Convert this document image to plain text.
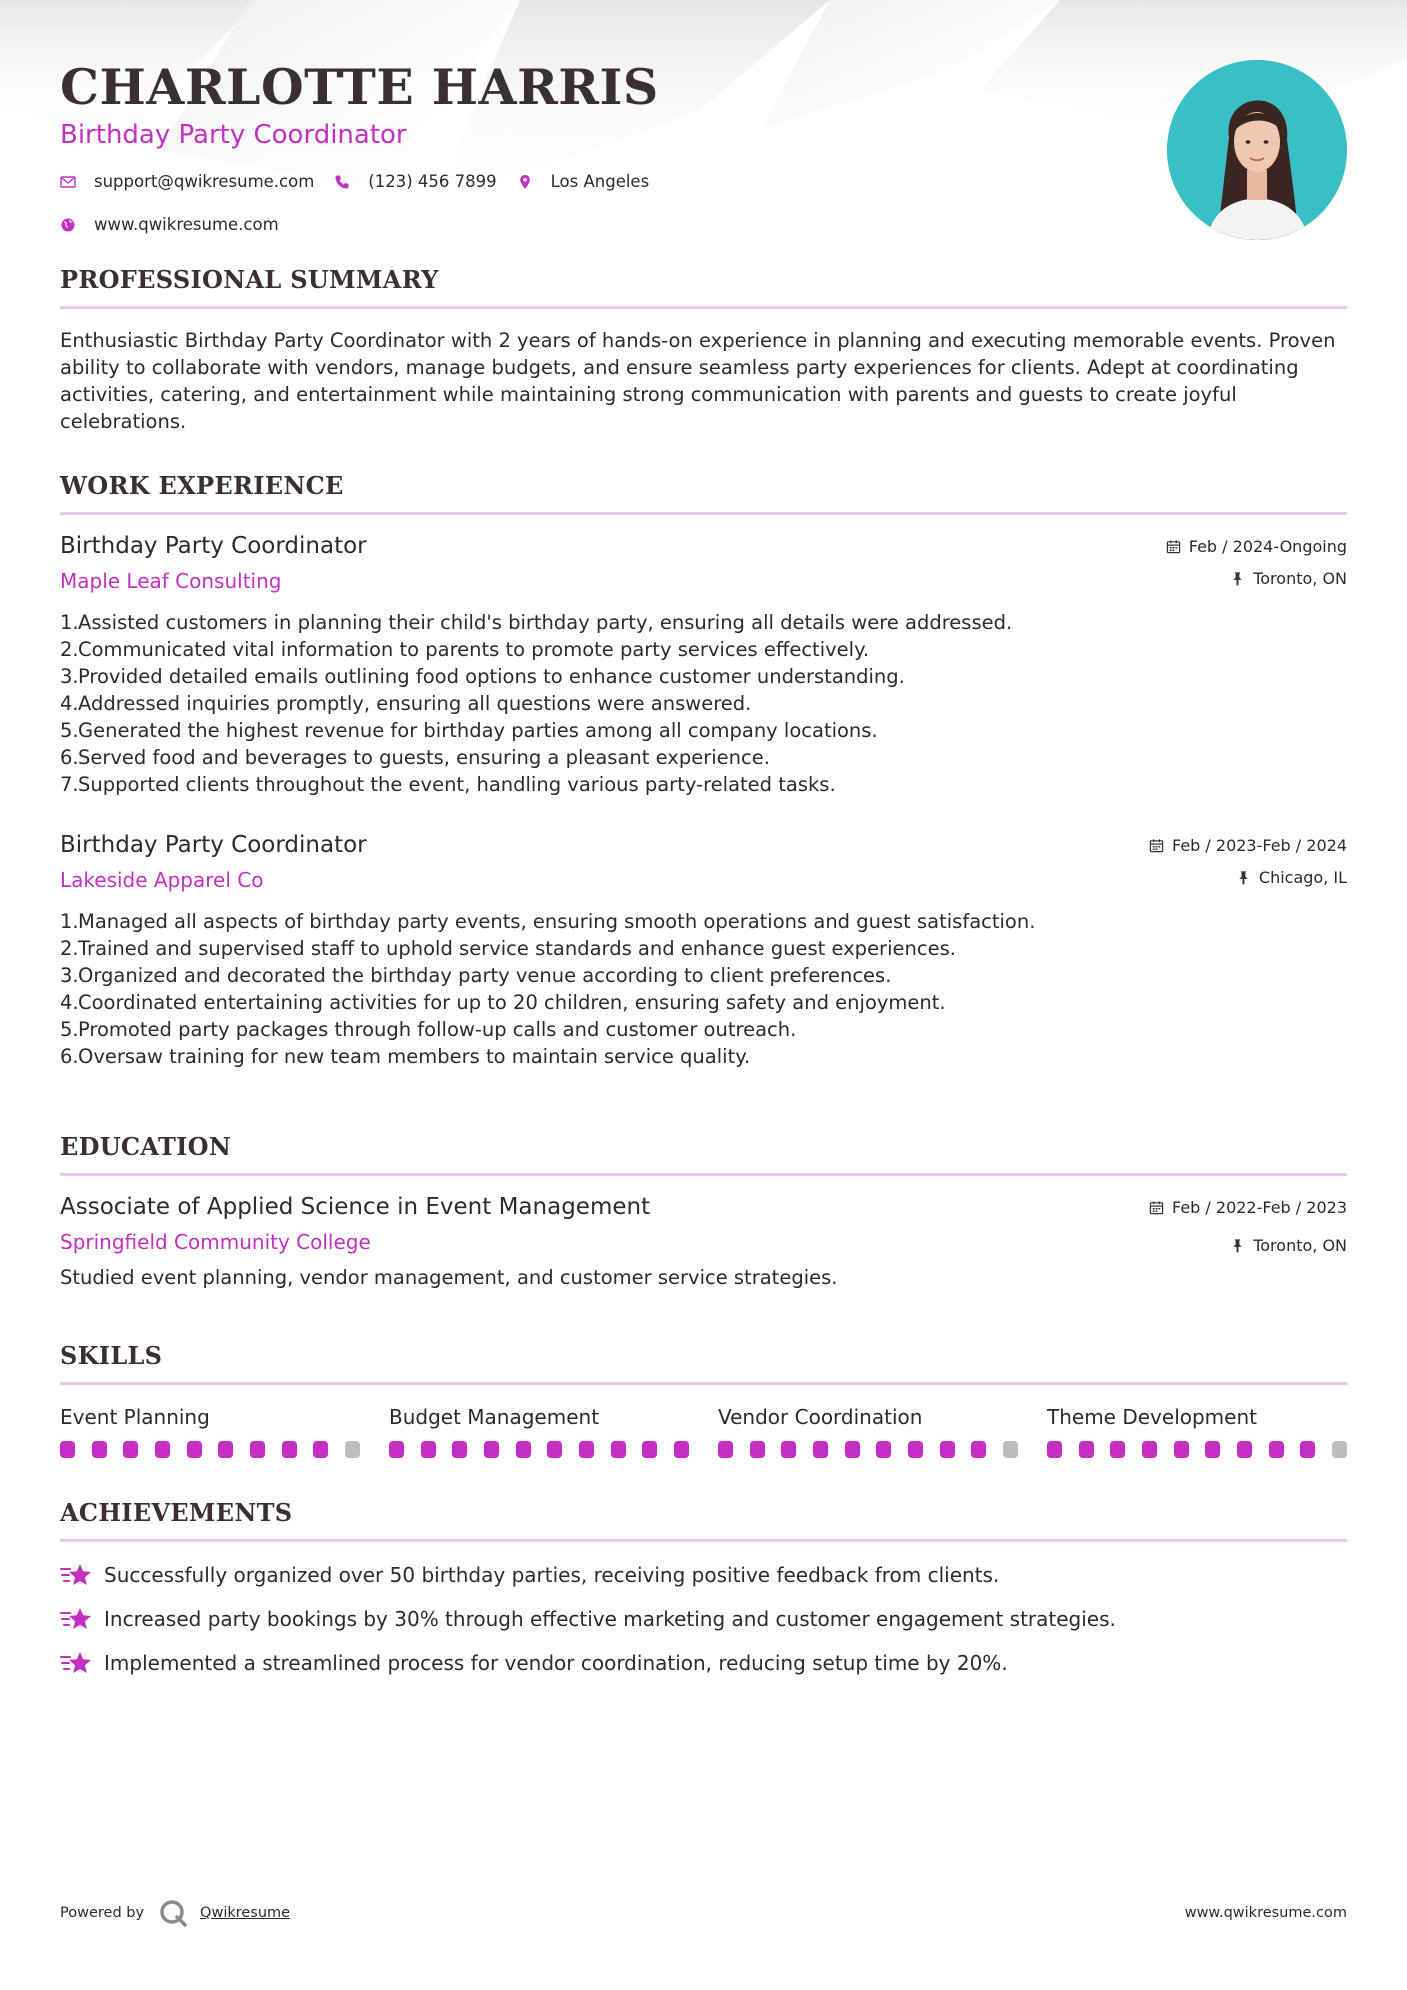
CHARLOTTE HARRIS
Birthday Party Coordinator
support@qwikresume.com	(123) 456 7899	Los Angeles
www.qwikresume.com
PROFESSIONAL SUMMARY
Enthusiastic Birthday Party Coordinator with 2 years of hands-on experience in planning and executing memorable events. Proven ability to collaborate with vendors, manage budgets, and ensure seamless party experiences for clients. Adept at coordinating activities, catering, and entertainment while maintaining strong communication with parents and guests to create joyful celebrations.
WORK EXPERIENCE
Birthday Party Coordinator
Maple Leaf Consulting
Feb / 2024-Ongoing
Toronto, ON
Assisted customers in planning their child's birthday party, ensuring all details were addressed.
Communicated vital information to parents to promote party services effectively.
Provided detailed emails outlining food options to enhance customer understanding.
Addressed inquiries promptly, ensuring all questions were answered.
Generated the highest revenue for birthday parties among all company locations.
Served food and beverages to guests, ensuring a pleasant experience.
Supported clients throughout the event, handling various party-related tasks.
Birthday Party Coordinator
Lakeside Apparel Co
Feb / 2023-Feb / 2024
Chicago, IL
Managed all aspects of birthday party events, ensuring smooth operations and guest satisfaction.
Trained and supervised staff to uphold service standards and enhance guest experiences.
Organized and decorated the birthday party venue according to client preferences.
Coordinated entertaining activities for up to 20 children, ensuring safety and enjoyment.
Promoted party packages through follow-up calls and customer outreach.
Oversaw training for new team members to maintain service quality.
EDUCATION
Associate of Applied Science in Event Management
Springfield Community College
Feb / 2022-Feb / 2023
Toronto, ON
Studied event planning, vendor management, and customer service strategies.
SKILLS
Event Planning	Budget Management	Vendor Coordination	Theme Development
ACHIEVEMENTS
Successfully organized over 50 birthday parties, receiving positive feedback from clients.
Increased party bookings by 30% through effective marketing and customer engagement strategies.
Implemented a streamlined process for vendor coordination, reducing setup time by 20%.
Powered by	Qwikresume	www.qwikresume.com
